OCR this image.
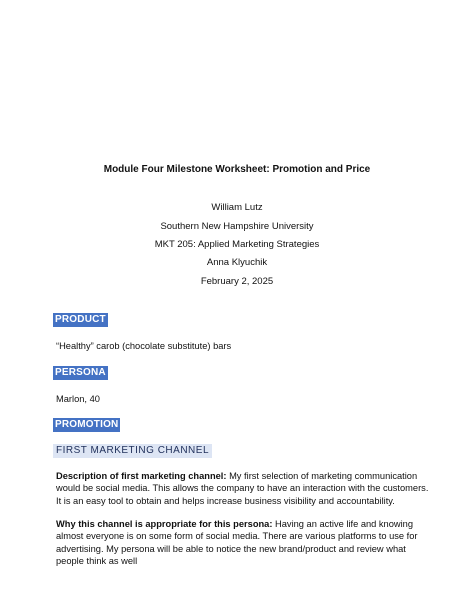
Module Four Milestone Worksheet: Promotion and Price
William Lutz
Southern New Hampshire University
MKT 205: Applied Marketing Strategies
Anna Klyuchik
February 2, 2025
PRODUCT
“Healthy” carob (chocolate substitute) bars
PERSONA
Marlon, 40
PROMOTION
FIRST MARKETING CHANNEL
Description of first marketing channel: My first selection of marketing communication would be social media. This allows the company to have an interaction with the customers. It is an easy tool to obtain and helps increase business visibility and accountability.
Why this channel is appropriate for this persona: Having an active life and knowing almost everyone is on some form of social media. There are various platforms to use for advertising. My persona will be able to notice the new brand/product and review what people think as well
